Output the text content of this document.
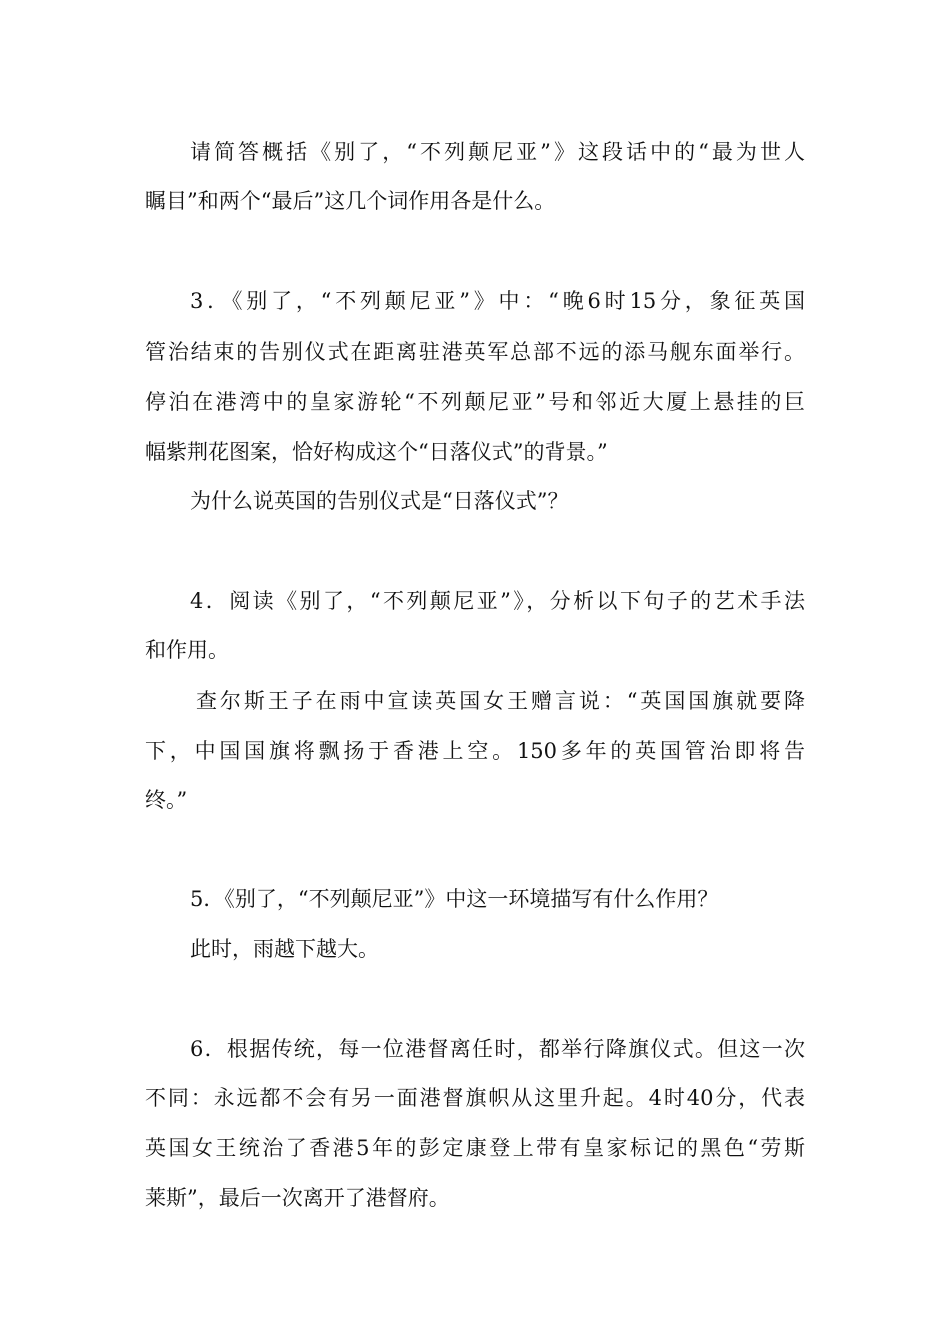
请简答概括《别了，“不列颠尼亚”》这段话中的“最为世人
瞩目”和两个“最后”这几个词作用各是什么。
3．《别了，“不列颠尼亚”》中：“晚6时15分，象征英国
管治结束的告别仪式在距离驻港英军总部不远的添马舰东面举行。
停泊在港湾中的皇家游轮“不列颠尼亚”号和邻近大厦上悬挂的巨
幅紫荆花图案，恰好构成这个“日落仪式”的背景。”
为什么说英国的告别仪式是“日落仪式”？
4．阅读《别了，“不列颠尼亚”》，分析以下句子的艺术手法
和作用。
查尔斯王子在雨中宣读英国女王赠言说：“英国国旗就要降
下，中国国旗将飘扬于香港上空。150多年的英国管治即将告
终。”
5．《别了，“不列颠尼亚”》中这一环境描写有什么作用？
此时，雨越下越大。
6．根据传统，每一位港督离任时，都举行降旗仪式。但这一次
不同：永远都不会有另一面港督旗帜从这里升起。4时40分，代表
英国女王统治了香港5年的彭定康登上带有皇家标记的黑色“劳斯
莱斯”，最后一次离开了港督府。
